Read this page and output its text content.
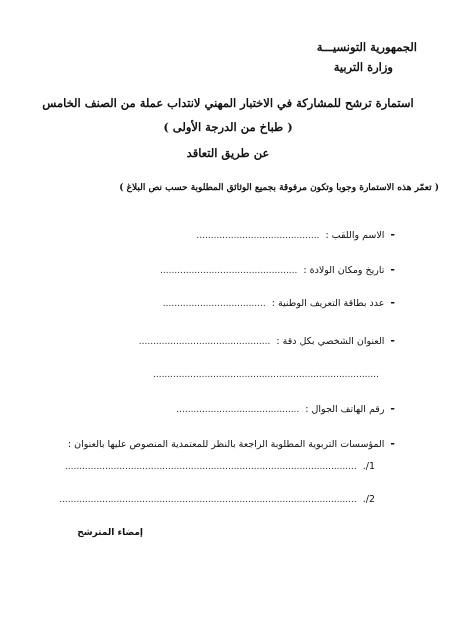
الجمهورية التونسيـــة
وزارة التربية
استمارة ترشح للمشاركة في الاختبار المهني لانتداب عملة من الصنف الخامس
( طباخ من الدرجة الأولى )
عن طريق التعاقد
( تعمّر هذه الاستمارة وجوبا وتكون مرفوقة بجميع الوثائق المطلوبة حسب نص البلاغ )
-
الاسم واللقب :
...........................................
-
تاريخ ومكان الولادة :
................................................
-
عدد بطاقة التعريف الوطنية :
....................................
-
العنوان الشخصي بكل دقة :
..............................................
...............................................................................
-
رقم الهاتف الجوال :
...........................................
-
المؤسسات التربوية المطلوبة الراجعة بالنظر للمعتمدية المنصوص عليها بالعنوان :
1/.
......................................................................................................
2/.
........................................................................................................
إمضاء المترشح
